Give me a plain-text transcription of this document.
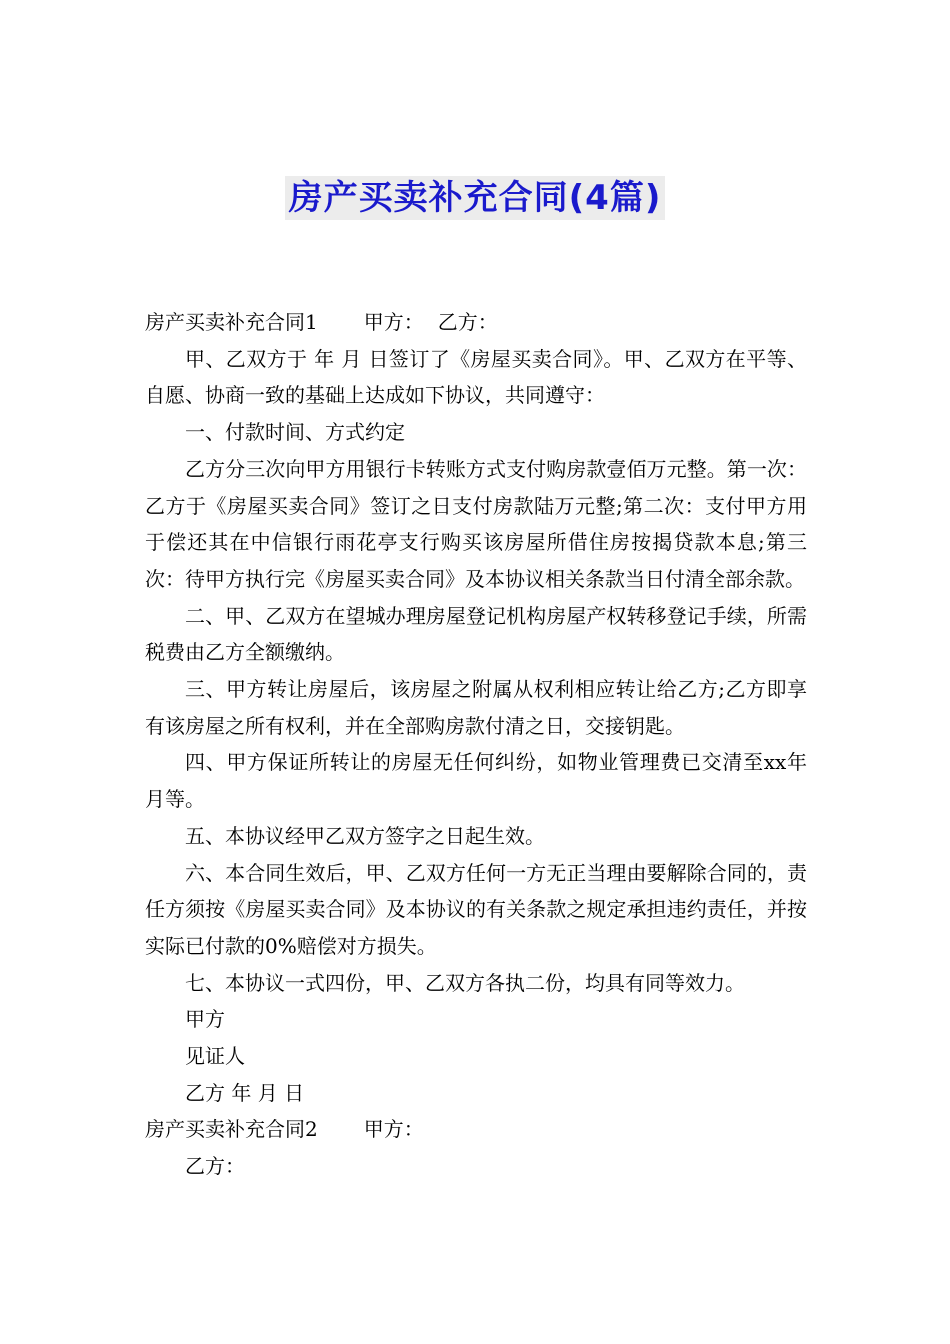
房产买卖补充合同(4篇)

房产买卖补充合同1 甲方： 乙方：

甲、乙双方于 年 月 日签订了《房屋买卖合同》。甲、乙双方在平等、自愿、协商一致的基础上达成如下协议，共同遵守：

一、付款时间、方式约定

乙方分三次向甲方用银行卡转账方式支付购房款壹佰万元整。第一次：乙方于《房屋买卖合同》签订之日支付房款陆万元整;第二次：支付甲方用于偿还其在中信银行雨花亭支行购买该房屋所借住房按揭贷款本息;第三次：待甲方执行完《房屋买卖合同》及本协议相关条款当日付清全部余款。

二、甲、乙双方在望城办理房屋登记机构房屋产权转移登记手续，所需税费由乙方全额缴纳。

三、甲方转让房屋后，该房屋之附属从权利相应转让给乙方;乙方即享有该房屋之所有权利，并在全部购房款付清之日，交接钥匙。

四、甲方保证所转让的房屋无任何纠纷，如物业管理费已交清至xx年 月等。

五、本协议经甲乙双方签字之日起生效。

六、本合同生效后，甲、乙双方任何一方无正当理由要解除合同的，责任方须按《房屋买卖合同》及本协议的有关条款之规定承担违约责任，并按实际已付款的0%赔偿对方损失。

七、本协议一式四份，甲、乙双方各执二份，均具有同等效力。

甲方

见证人

乙方 年 月 日

房产买卖补充合同2 甲方：

乙方：
